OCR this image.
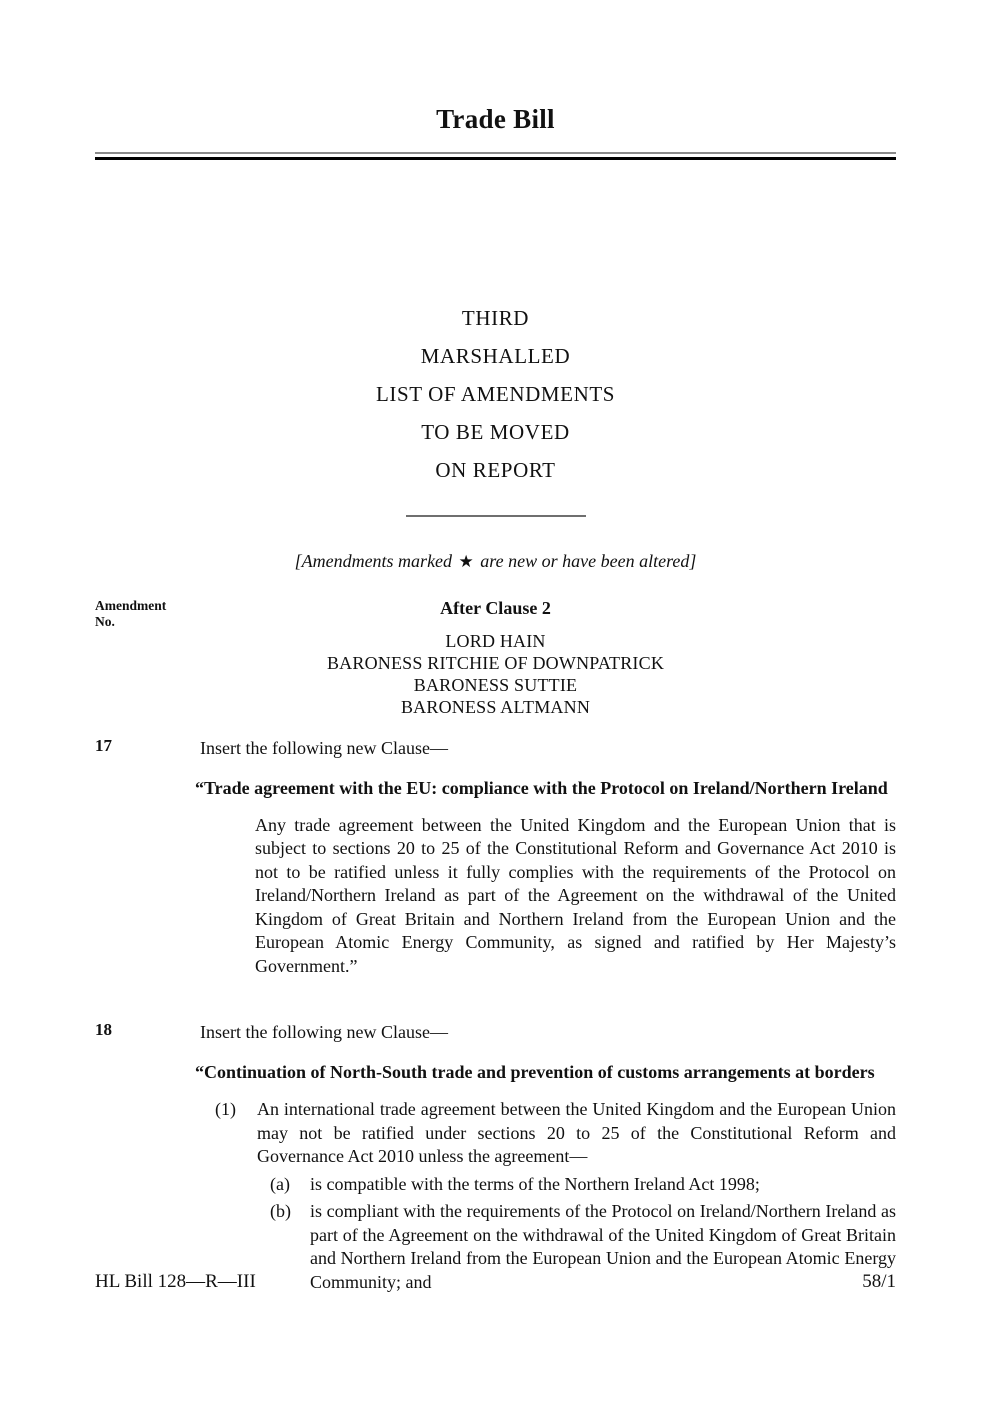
Trade Bill
THIRD
MARSHALLED
LIST OF AMENDMENTS
TO BE MOVED
ON REPORT
[Amendments marked ★ are new or have been altered]
Amendment
No.
After Clause 2
LORD HAIN
BARONESS RITCHIE OF DOWNPATRICK
BARONESS SUTTIE
BARONESS ALTMANN
17	Insert the following new Clause—
“Trade agreement with the EU: compliance with the Protocol on Ireland/Northern Ireland
Any trade agreement between the United Kingdom and the European Union that is subject to sections 20 to 25 of the Constitutional Reform and Governance Act 2010 is not to be ratified unless it fully complies with the requirements of the Protocol on Ireland/Northern Ireland as part of the Agreement on the withdrawal of the United Kingdom of Great Britain and Northern Ireland from the European Union and the European Atomic Energy Community, as signed and ratified by Her Majesty’s Government.”
18	Insert the following new Clause—
“Continuation of North-South trade and prevention of customs arrangements at borders
(1)	An international trade agreement between the United Kingdom and the European Union may not be ratified under sections 20 to 25 of the Constitutional Reform and Governance Act 2010 unless the agreement—
(a)	is compatible with the terms of the Northern Ireland Act 1998;
(b)	is compliant with the requirements of the Protocol on Ireland/Northern Ireland as part of the Agreement on the withdrawal of the United Kingdom of Great Britain and Northern Ireland from the European Union and the European Atomic Energy Community; and
HL Bill 128—R—III	58/1
